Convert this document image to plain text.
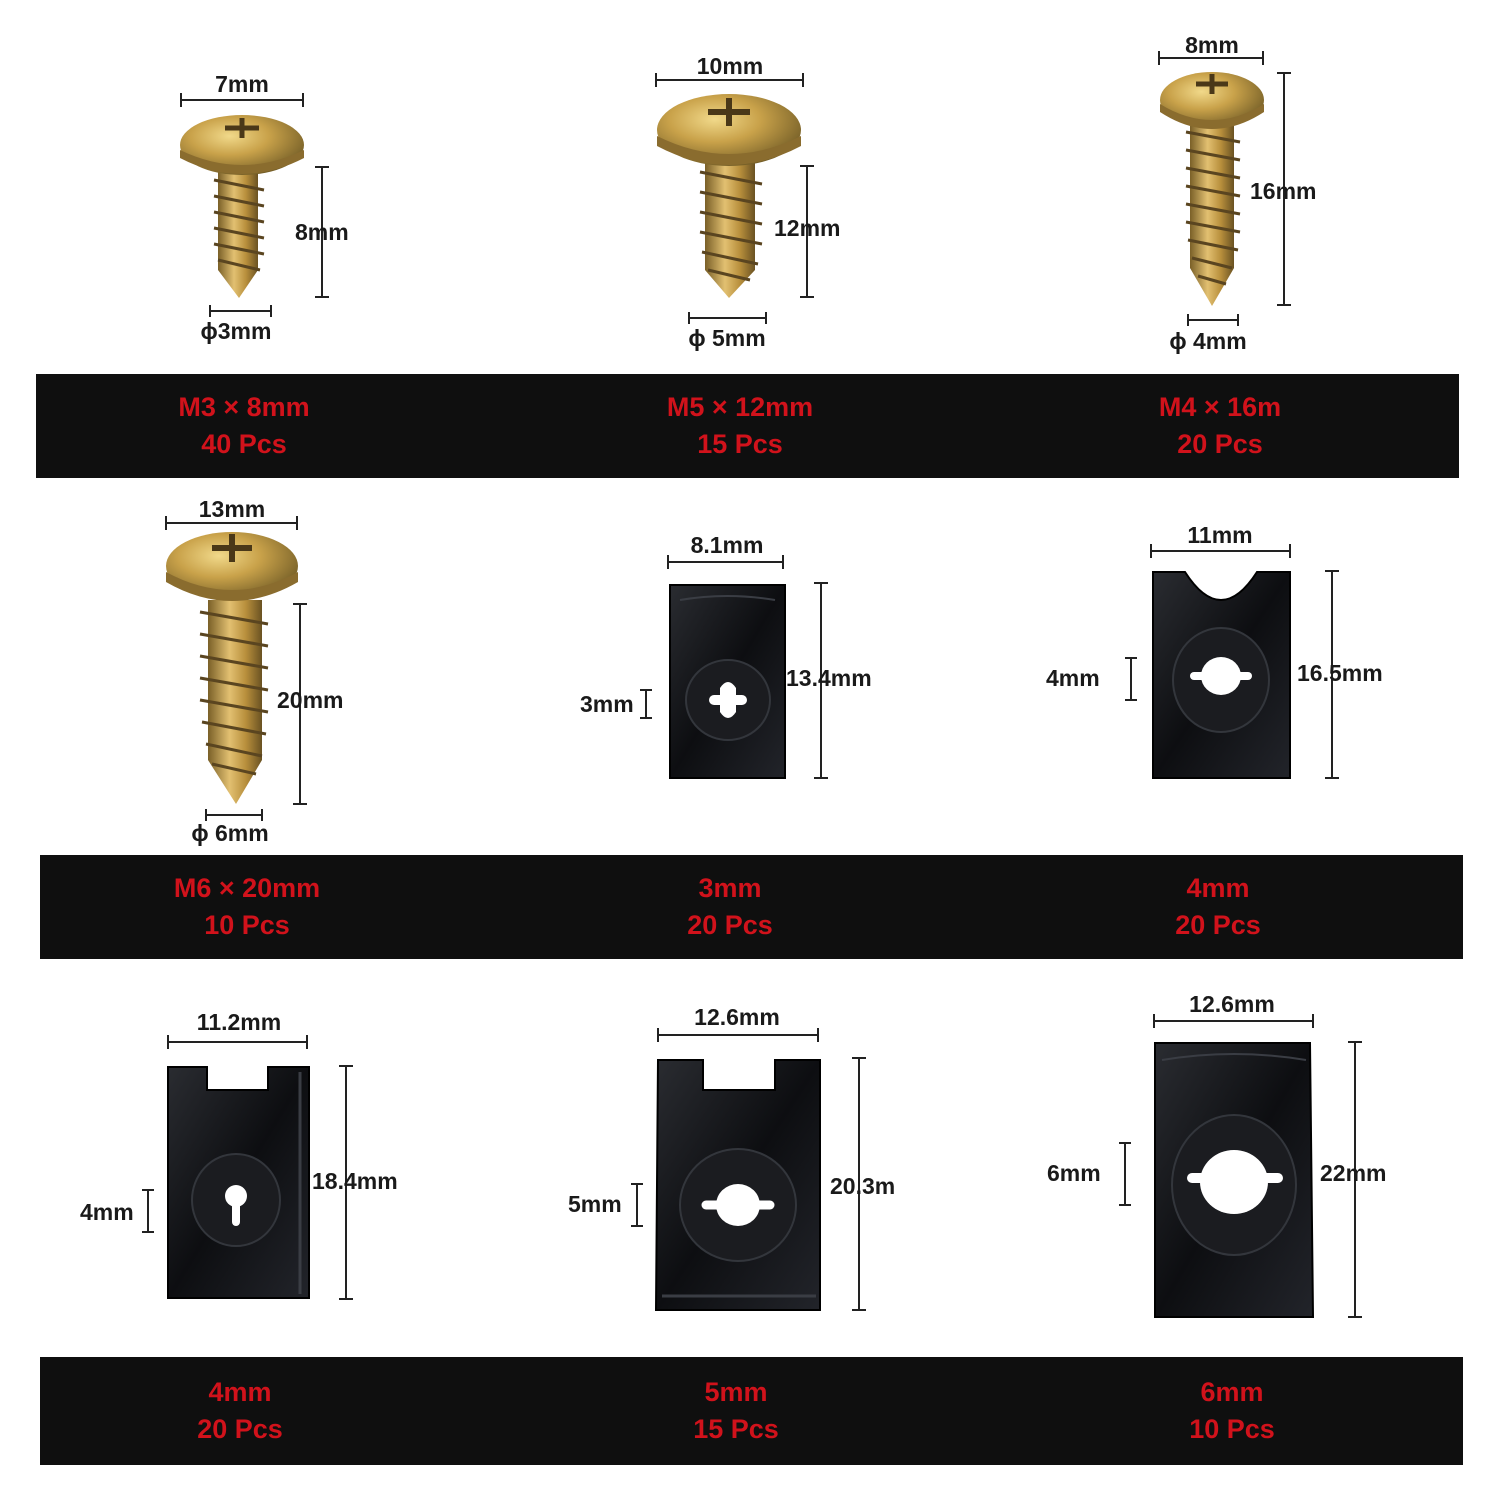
7mm
8mm
ϕ3mm
10mm
12mm
ϕ 5mm
8mm
16mm
ϕ 4mm
13mm
20mm
ϕ 6mm
8.1mm
13.4mm
3mm
11mm
16.5mm
4mm
11.2mm
18.4mm
4mm
12.6mm
20.3m
5mm
12.6mm
22mm
6mm
M3 × 8mm
40 Pcs
M5 × 12mm
15 Pcs
M4 × 16m
20 Pcs
M6 × 20mm
10 Pcs
3mm
20 Pcs
4mm
20 Pcs
4mm
20 Pcs
5mm
15 Pcs
6mm
10 Pcs
